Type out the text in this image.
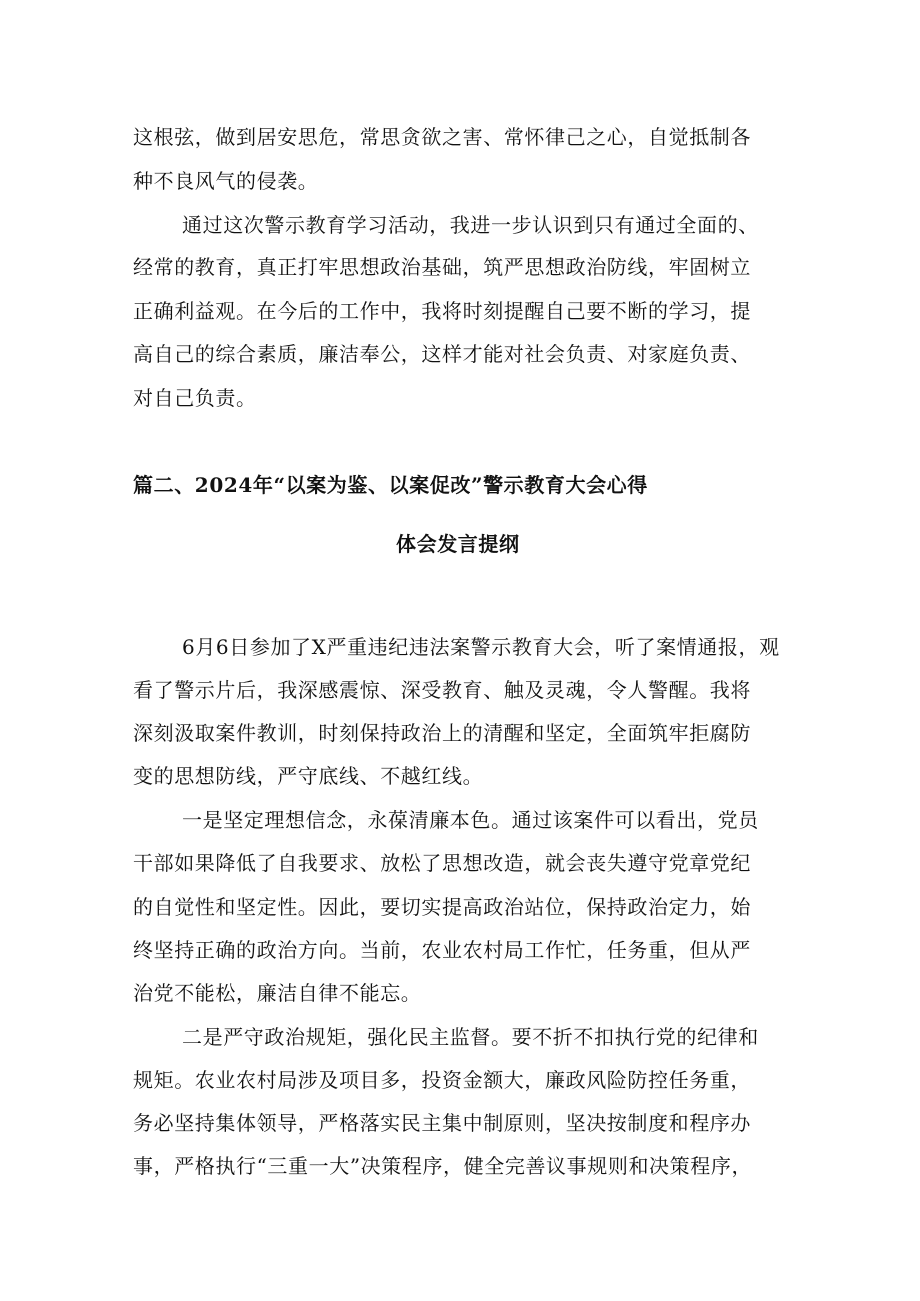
这根弦，做到居安思危，常思贪欲之害、常怀律己之心，自觉抵制各
种不良风气的侵袭。
通过这次警示教育学习活动，我进一步认识到只有通过全面的、
经常的教育，真正打牢思想政治基础，筑严思想政治防线，牢固树立
正确利益观。在今后的工作中，我将时刻提醒自己要不断的学习，提
高自己的综合素质，廉洁奉公，这样才能对社会负责、对家庭负责、
对自己负责。
篇二、2024年“以案为鉴、以案促改”警示教育大会心得
体会发言提纲
6月6日参加了X严重违纪违法案警示教育大会，听了案情通报，观
看了警示片后，我深感震惊、深受教育、触及灵魂，令人警醒。我将
深刻汲取案件教训，时刻保持政治上的清醒和坚定，全面筑牢拒腐防
变的思想防线，严守底线、不越红线。
一是坚定理想信念，永葆清廉本色。通过该案件可以看出，党员
干部如果降低了自我要求、放松了思想改造，就会丧失遵守党章党纪
的自觉性和坚定性。因此，要切实提高政治站位，保持政治定力，始
终坚持正确的政治方向。当前，农业农村局工作忙，任务重，但从严
治党不能松，廉洁自律不能忘。
二是严守政治规矩，强化民主监督。要不折不扣执行党的纪律和
规矩。农业农村局涉及项目多，投资金额大，廉政风险防控任务重，
务必坚持集体领导，严格落实民主集中制原则，坚决按制度和程序办
事，严格执行“三重一大”决策程序，健全完善议事规则和决策程序，
